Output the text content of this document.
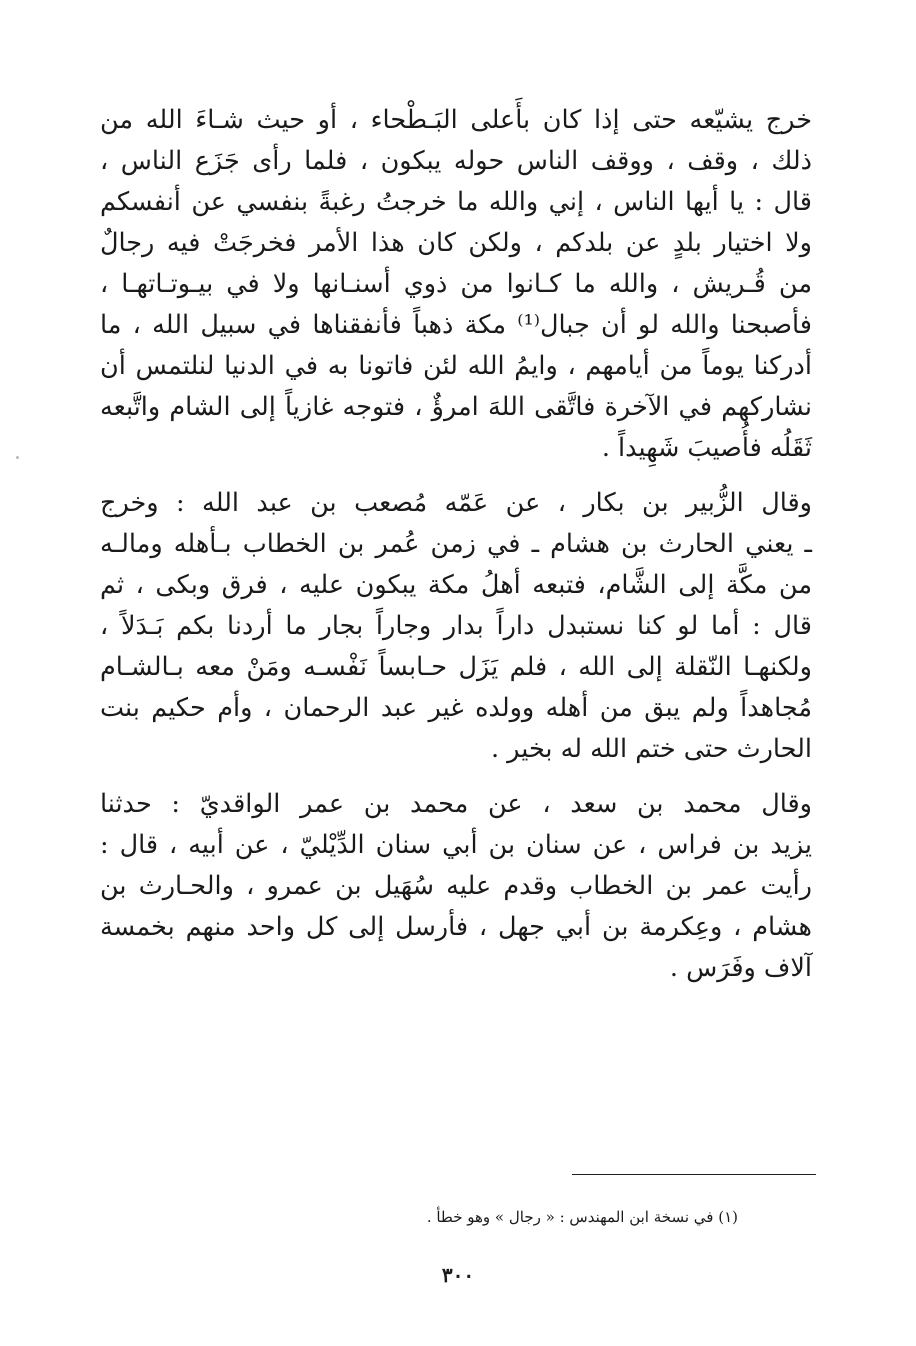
خرج يشيّعه حتى إذا كان بأَعلى البَـطْحاء ، أو حيث شـاءَ الله من
ذلك ، وقف ، ووقف الناس حوله يبكون ، فلما رأى جَزَع الناس ،
قال : يا أيها الناس ، إني والله ما خرجتُ رغبةً بنفسي عن أنفسكم
ولا اختيار بلدٍ عن بلدكم ، ولكن كان هذا الأمر فخرجَتْ فيه رجالٌ
من قُـريش ، والله ما كـانوا من ذوي أسنـانها ولا في بيـوتـاتهـا ،
فأصبحنا والله لو أن جبال⁽¹⁾ مكة ذهباً فأنفقناها في سبيل الله ، ما
أدركنا يوماً من أيامهم ، وايمُ الله لئن فاتونا به في الدنيا لنلتمس أن
نشاركهم في الآخرة فاتَّقى اللهَ امرؤٌ ، فتوجه غازياً إلى الشام واتَّبعه
ثَقَلُه فأُصيبَ شَهِيداً .
وقال الزُّبير بن بكار ، عن عَمّه مُصعب بن عبد الله : وخرج
ـ يعني الحارث بن هشام ـ في زمن عُمر بن الخطاب بـأهله ومالـه
من مكَّة إلى الشَّام، فتبعه أهلُ مكة يبكون عليه ، فرق وبكى ، ثم
قال : أما لو كنا نستبدل داراً بدار وجاراً بجار ما أردنا بكم بَـدَلاً ،
ولكنهـا النّقلة إلى الله ، فلم يَزَل حـابساً نَفْسـه ومَنْ معه بـالشـام
مُجاهداً ولم يبق من أهله وولده غير عبد الرحمان ، وأم حكيم بنت
الحارث حتى ختم الله له بخير .
وقال محمد بن سعد ، عن محمد بن عمر الواقديّ : حدثنا
يزيد بن فراس ، عن سنان بن أبي سنان الدِّيْليّ ، عن أبيه ، قال :
رأيت عمر بن الخطاب وقدم عليه سُهَيل بن عمرو ، والحـارث بن
هشام ، وعِكرمة بن أبي جهل ، فأرسل إلى كل واحد منهم بخمسة
آلاف وفَرَس .
(١) في نسخة ابن المهندس : « رجال » وهو خطأ .
٣٠٠
